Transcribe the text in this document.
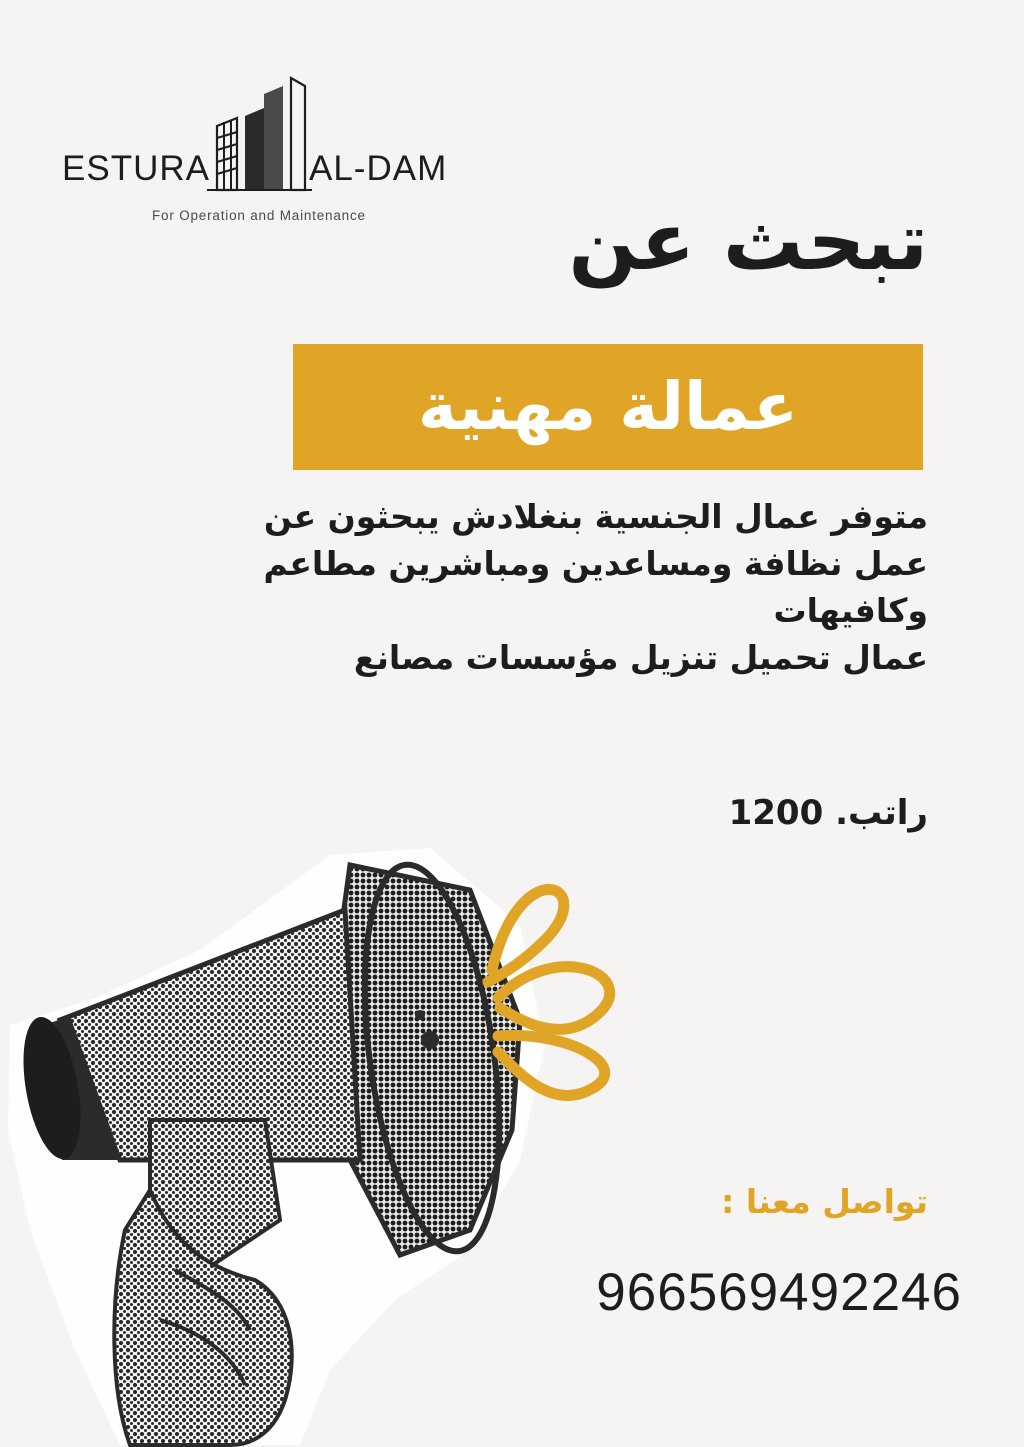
ESTURA	AL-DAM
For Operation and Maintenance	تبحث عن
عمالة مهنية
متوفر عمال الجنسية بنغلادش يبحثون عن
عمل نظافة ومساعدين ومباشرين مطاعم
وكافيهات
عمال تحميل تنزيل مؤسسات مصانع
راتب. 1200
تواصل معنا :
966569492246
